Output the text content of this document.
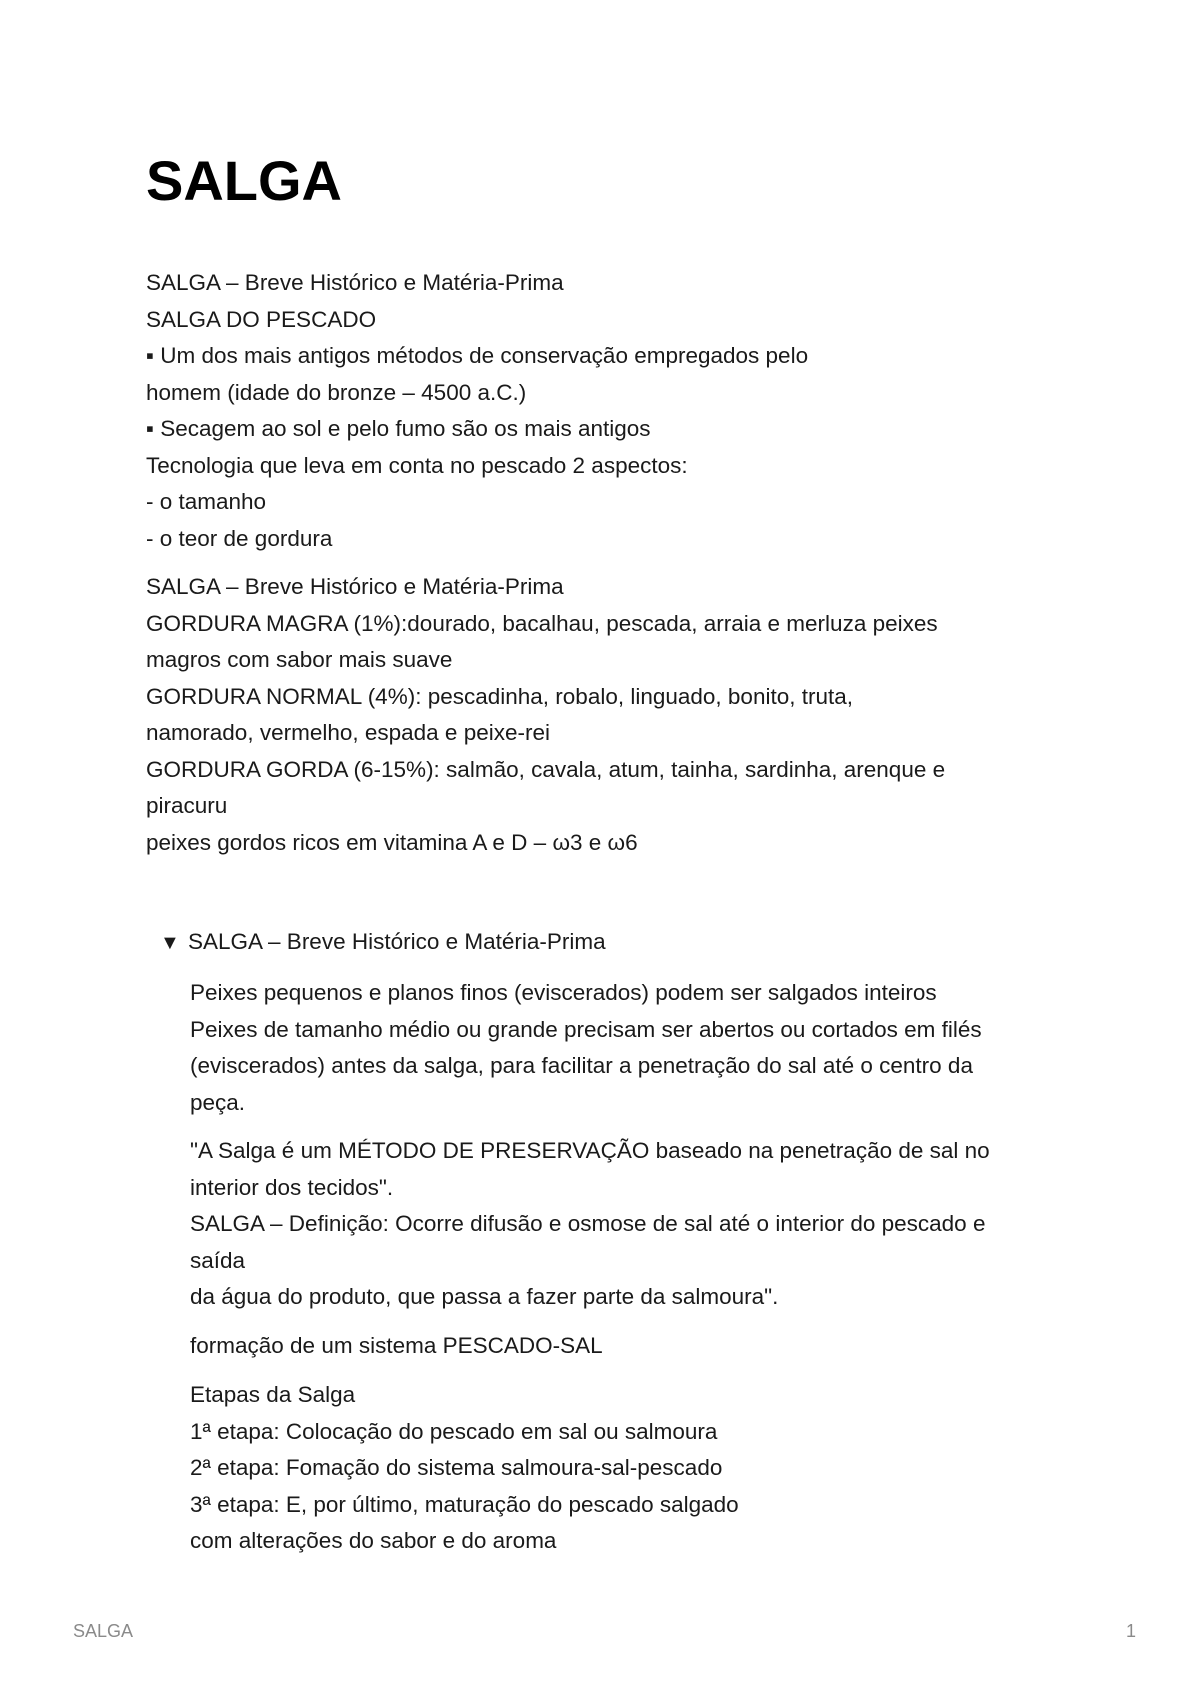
SALGA
SALGA – Breve Histórico e Matéria-Prima
SALGA DO PESCADO
▪ Um dos mais antigos métodos de conservação empregados pelo
homem (idade do bronze – 4500 a.C.)
▪ Secagem ao sol e pelo fumo são os mais antigos
Tecnologia que leva em conta no pescado 2 aspectos:
- o tamanho
- o teor de gordura
SALGA – Breve Histórico e Matéria-Prima
GORDURA MAGRA (1%):dourado, bacalhau, pescada, arraia e merluza peixes
magros com sabor mais suave
GORDURA NORMAL (4%): pescadinha, robalo, linguado, bonito, truta,
namorado, vermelho, espada e peixe-rei
GORDURA GORDA (6-15%): salmão, cavala, atum, tainha, sardinha, arenque e
piracuru
peixes gordos ricos em vitamina A e D – ω3 e ω6
▼ SALGA – Breve Histórico e Matéria-Prima
Peixes pequenos e planos finos (eviscerados) podem ser salgados inteiros
Peixes de tamanho médio ou grande precisam ser abertos ou cortados em filés
(eviscerados) antes da salga, para facilitar a penetração do sal até o centro da
peça.
"A Salga é um MÉTODO DE PRESERVAÇÃO baseado na penetração de sal no
interior dos tecidos".
SALGA – Definição: Ocorre difusão e osmose de sal até o interior do pescado e
saída
da água do produto, que passa a fazer parte da salmoura".
formação de um sistema PESCADO-SAL
Etapas da Salga
1ª etapa: Colocação do pescado em sal ou salmoura
2ª etapa: Fomação do sistema salmoura-sal-pescado
3ª etapa: E, por último, maturação do pescado salgado
com alterações do sabor e do aroma
SALGA	1
